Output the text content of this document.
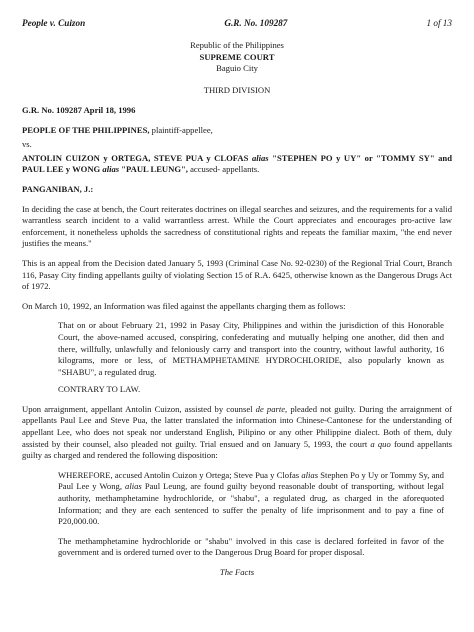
People v. Cuizon	G.R. No. 109287	1 of 13
Republic of the Philippines
SUPREME COURT
Baguio City
THIRD DIVISION

G.R. No. 109287 April 18, 1996

PEOPLE OF THE PHILIPPINES, plaintiff-appellee,

vs.

ANTOLIN CUIZON y ORTEGA, STEVE PUA y CLOFAS alias "STEPHEN PO y UY" or "TOMMY SY" and PAUL LEE y WONG alias "PAUL LEUNG", accused- appellants.

PANGANIBAN, J.:

In deciding the case at bench, the Court reiterates doctrines on illegal searches and seizures, and the requirements for a valid warrantless search incident to a valid warrantless arrest. While the Court appreciates and encourages pro-active law enforcement, it nonetheless upholds the sacredness of constitutional rights and repeats the familiar maxim, "the end never justifies the means."

This is an appeal from the Decision dated January 5, 1993 (Criminal Case No. 92-0230) of the Regional Trial Court, Branch 116, Pasay City finding appellants guilty of violating Section 15 of R.A. 6425, otherwise known as the Dangerous Drugs Act of 1972.

On March 10, 1992, an Information was filed against the appellants charging them as follows:

That on or about February 21, 1992 in Pasay City, Philippines and within the jurisdiction of this Honorable Court, the above-named accused, conspiring, confederating and mutually helping one another, did then and there, willfully, unlawfully and feloniously carry and transport into the country, without lawful authority, 16 kilograms, more or less, of METHAMPHETAMINE HYDROCHLORIDE, also popularly known as "SHABU", a regulated drug.

CONTRARY TO LAW.

Upon arraignment, appellant Antolin Cuizon, assisted by counsel de parte, pleaded not guilty. During the arraignment of appellants Paul Lee and Steve Pua, the latter translated the information into Chinese-Cantonese for the understanding of appellant Lee, who does not speak nor understand English, Pilipino or any other Philippine dialect. Both of them, duly assisted by their counsel, also pleaded not guilty. Trial ensued and on January 5, 1993, the court a quo found appellants guilty as charged and rendered the following disposition:

WHEREFORE, accused Antolin Cuizon y Ortega; Steve Pua y Clofas alias Stephen Po y Uy or Tommy Sy, and Paul Lee y Wong, alias Paul Leung, are found guilty beyond reasonable doubt of transporting, without legal authority, methamphetamine hydrochloride, or "shabu", a regulated drug, as charged in the aforequoted Information; and they are each sentenced to suffer the penalty of life imprisonment and to pay a fine of P20,000.00.

The methamphetamine hydrochloride or "shabu" involved in this case is declared forfeited in favor of the government and is ordered turned over to the Dangerous Drug Board for proper disposal.

The Facts
